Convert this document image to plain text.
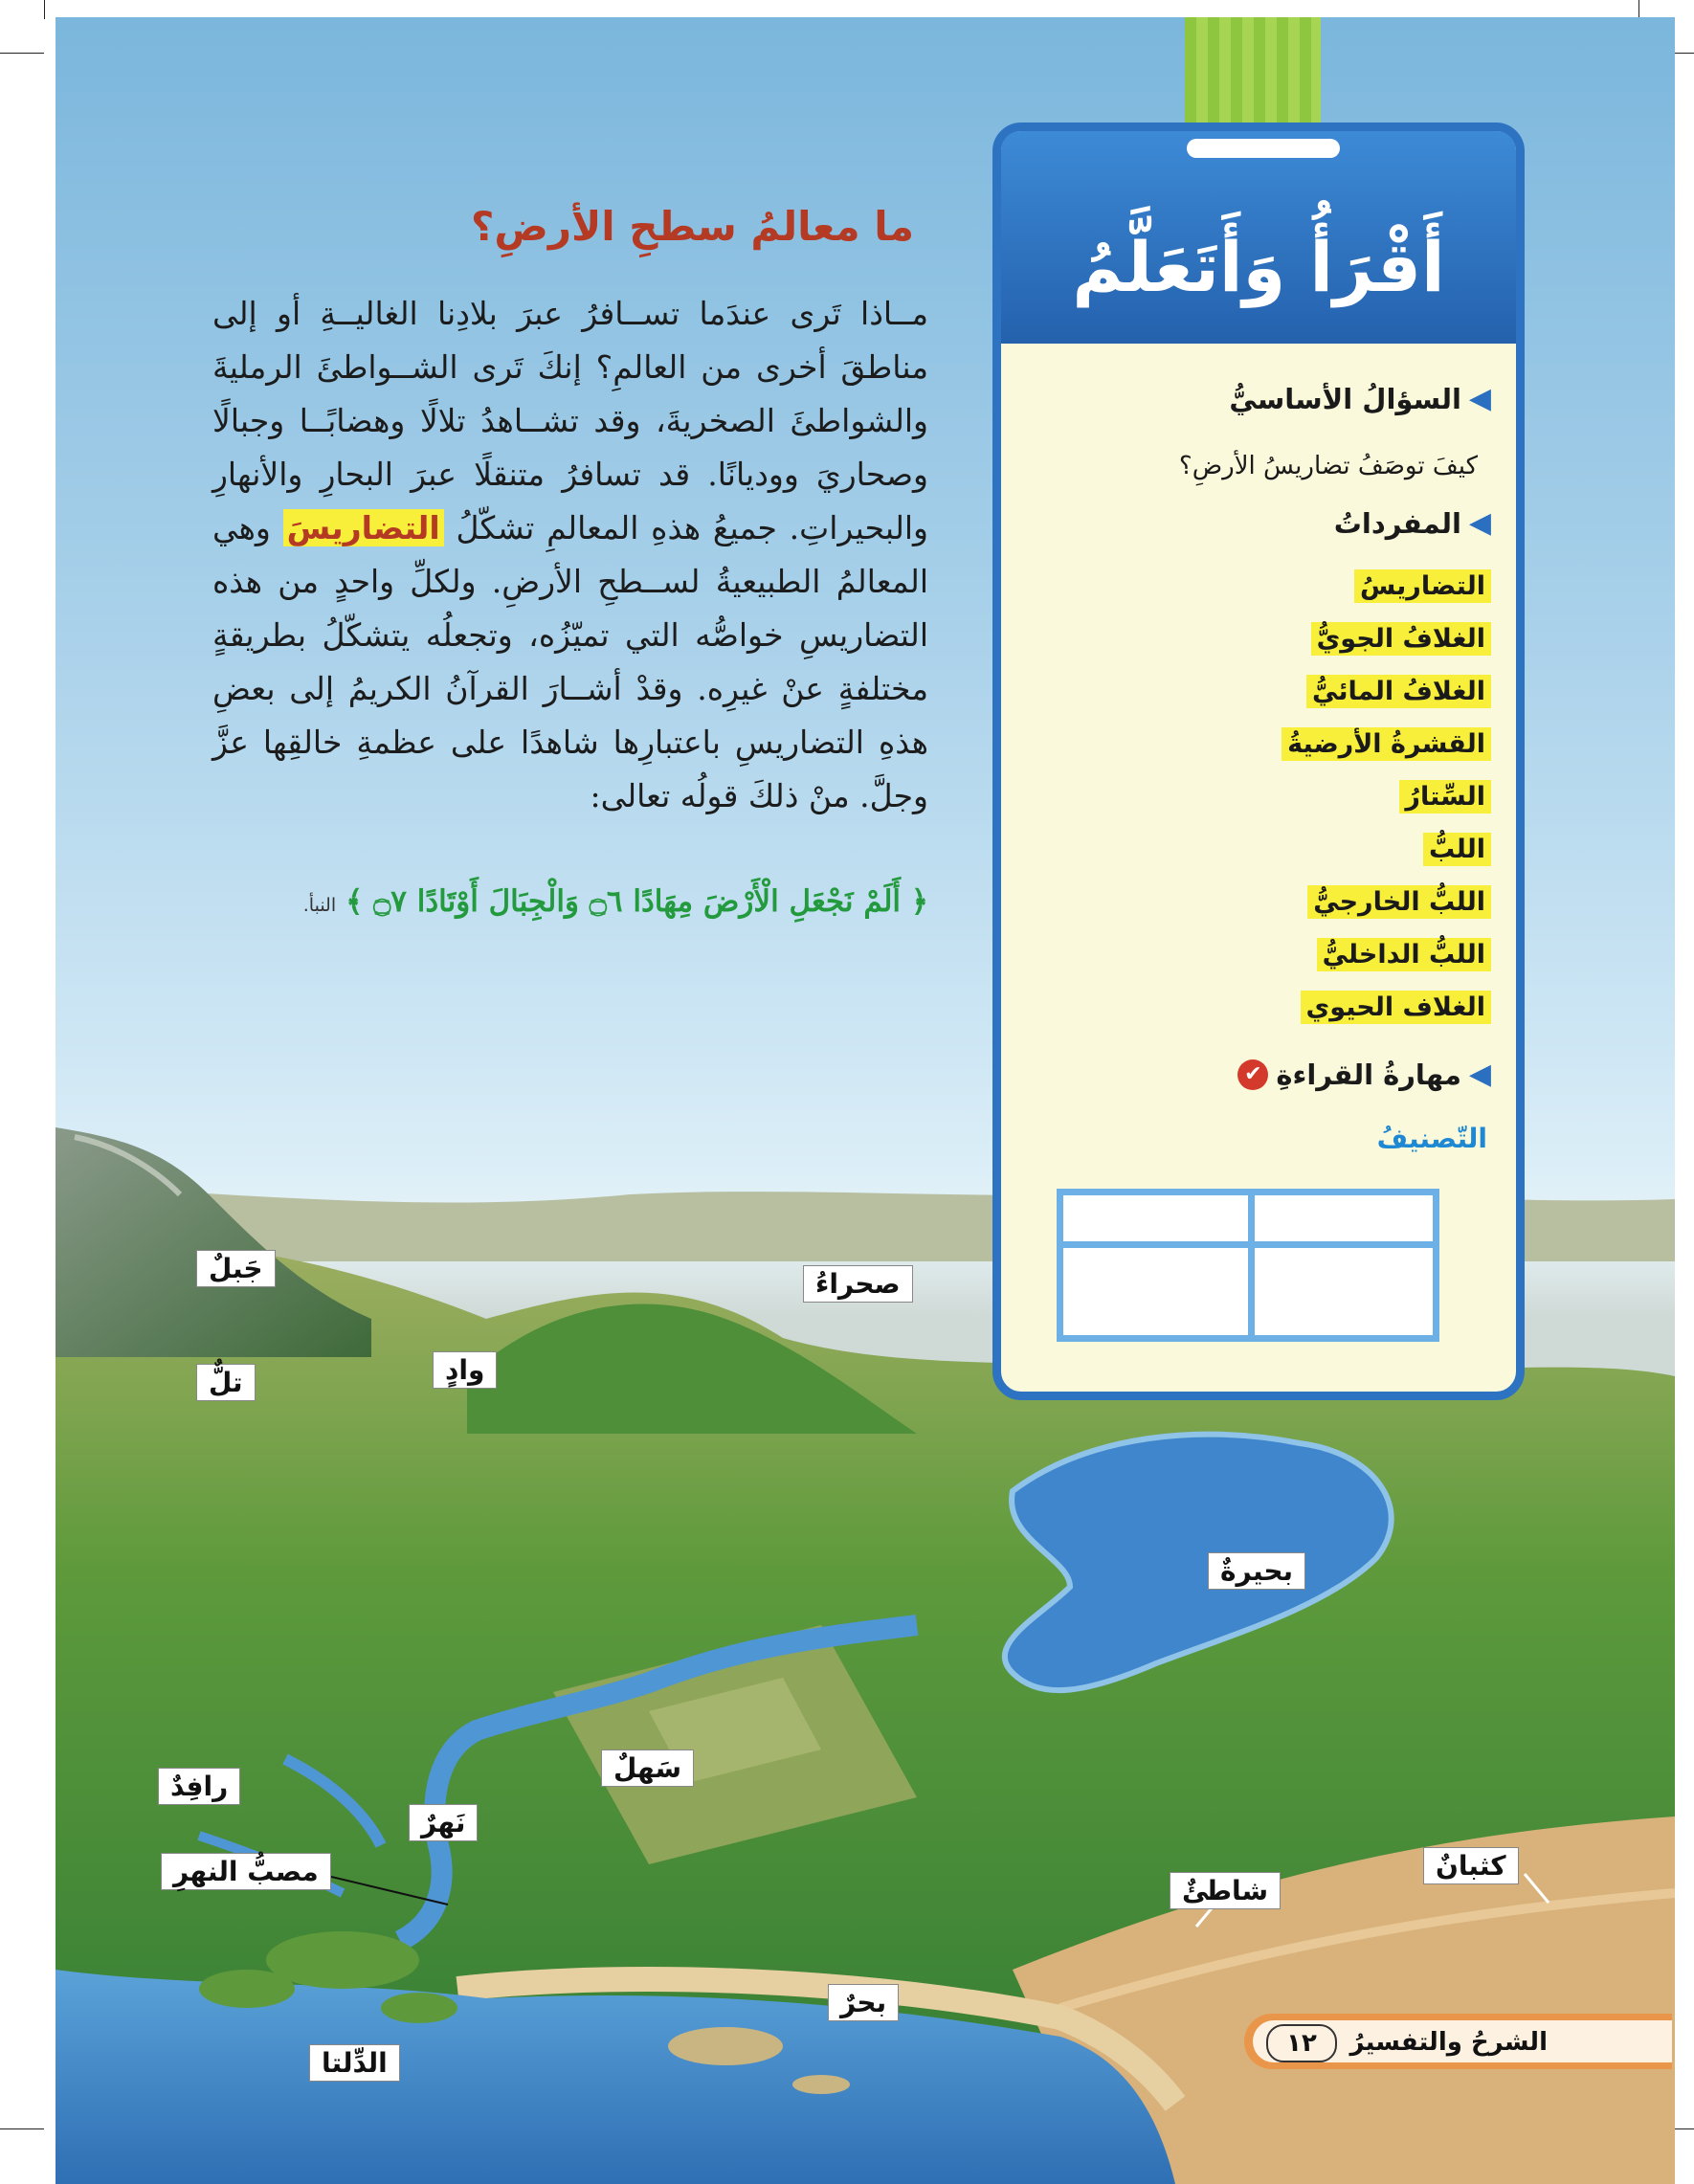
ما معالمُ سطحِ الأرضِ؟

مــاذا تَرى عندَما تســافرُ عبرَ بلادِنا الغاليــةِ أو إلى مناطقَ أخرى من العالمِ؟ إنكَ تَرى الشــواطئَ الرمليةَ والشواطئَ الصخريةَ، وقد تشــاهدُ تلالًا وهضابًــا وجبالًا وصحاريَ ووديانًا. قد تسافرُ متنقلًا عبرَ البحارِ والأنهارِ والبحيراتِ. جميعُ هذهِ المعالمِ تشكّلُ التضاريسَ وهي المعالمُ الطبيعيةُ لســطحِ الأرضِ. ولكلِّ واحدٍ من هذه التضاريسِ خواصُّه التي تميّزُه، وتجعلُه يتشكّلُ بطريقةٍ مختلفةٍ عنْ غيرِه. وقدْ أشــارَ القرآنُ الكريمُ إلى بعضِ هذهِ التضاريسِ باعتبارِها شاهدًا على عظمةِ خالقِها عزَّ وجلَّ. منْ ذلكَ قولُه تعالى:

﴿ أَلَمْ نَجْعَلِ الْأَرْضَ مِهَادًا ۝٦ وَالْجِبَالَ أَوْتَادًا ۝٧ ﴾النبأ.

أَقْرَأُ وَأَتَعَلَّمُ
◀
السؤالُ الأساسيُّ
كيفَ توصَفُ تضاريسُ الأرضِ؟
◀
المفرداتُ
التضاريسُ
الغلافُ الجويُّ
الغلافُ المائيُّ
القشرةُ الأرضيةُ
السِّتارُ
اللبُّ
اللبُّ الخارجيُّ
اللبُّ الداخليُّ
الغلاف الحيوي
◀
مهارةُ القراءةِ
✔
التّصنيفُ
جَبلٌ	صحراءُ
تلٌّ	وادٍ
بحيرةٌ
سَهلٌ
رافِدٌ
نَهرٌ
مصبُّ النهرِ
شاطئٌ
كثبانٌ
بحرٌ
الدِّلتا
١٢	الشرحُ والتفسيرُ
